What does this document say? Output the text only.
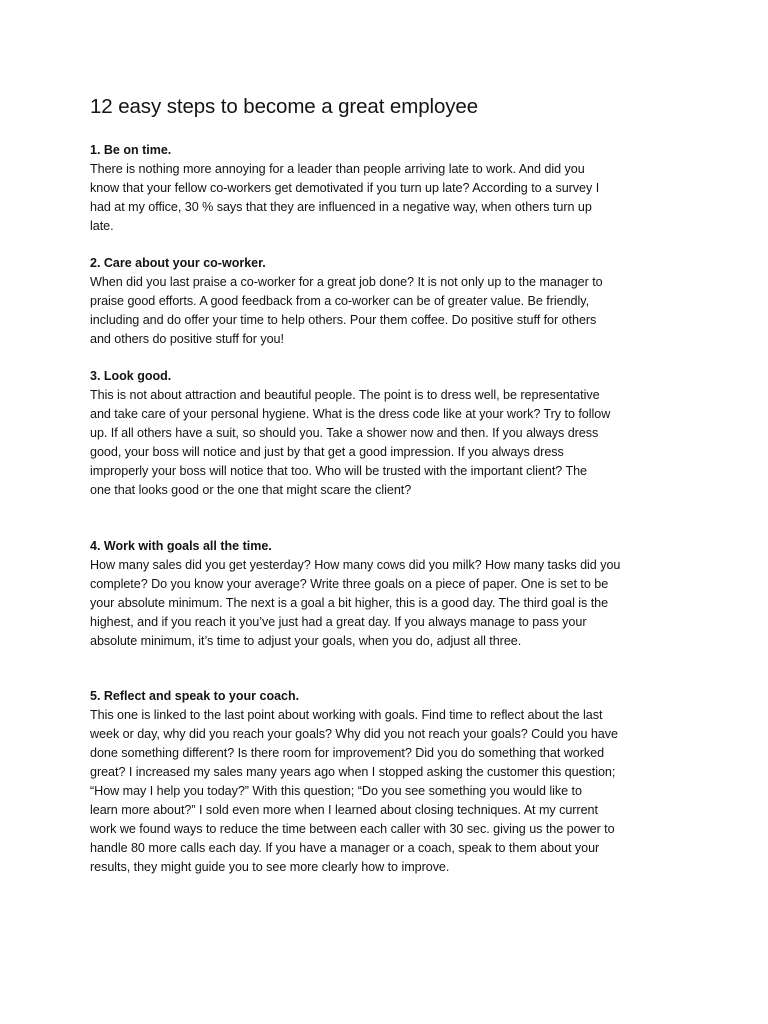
12 easy steps to become a great employee
1. Be on time.
There is nothing more annoying for a leader than people arriving late to work. And did you
know that your fellow co-workers get demotivated if you turn up late? According to a survey I
had at my office, 30 % says that they are influenced in a negative way, when others turn up
late.
2. Care about your co-worker.
When did you last praise a co-worker for a great job done? It is not only up to the manager to
praise good efforts. A good feedback from a co-worker can be of greater value. Be friendly,
including and do offer your time to help others. Pour them coffee. Do positive stuff for others
and others do positive stuff for you!
3. Look good.
This is not about attraction and beautiful people. The point is to dress well, be representative
and take care of your personal hygiene. What is the dress code like at your work? Try to follow
up. If all others have a suit, so should you. Take a shower now and then. If you always dress
good, your boss will notice and just by that get a good impression. If you always dress
improperly your boss will notice that too. Who will be trusted with the important client? The
one that looks good or the one that might scare the client?
4. Work with goals all the time.
How many sales did you get yesterday? How many cows did you milk? How many tasks did you
complete? Do you know your average? Write three goals on a piece of paper. One is set to be
your absolute minimum. The next is a goal a bit higher, this is a good day. The third goal is the
highest, and if you reach it you’ve just had a great day. If you always manage to pass your
absolute minimum, it’s time to adjust your goals, when you do, adjust all three.
5. Reflect and speak to your coach.
This one is linked to the last point about working with goals. Find time to reflect about the last
week or day, why did you reach your goals? Why did you not reach your goals? Could you have
done something different? Is there room for improvement? Did you do something that worked
great? I increased my sales many years ago when I stopped asking the customer this question;
“How may I help you today?” With this question; “Do you see something you would like to
learn more about?” I sold even more when I learned about closing techniques. At my current
work we found ways to reduce the time between each caller with 30 sec. giving us the power to
handle 80 more calls each day. If you have a manager or a coach, speak to them about your
results, they might guide you to see more clearly how to improve.
